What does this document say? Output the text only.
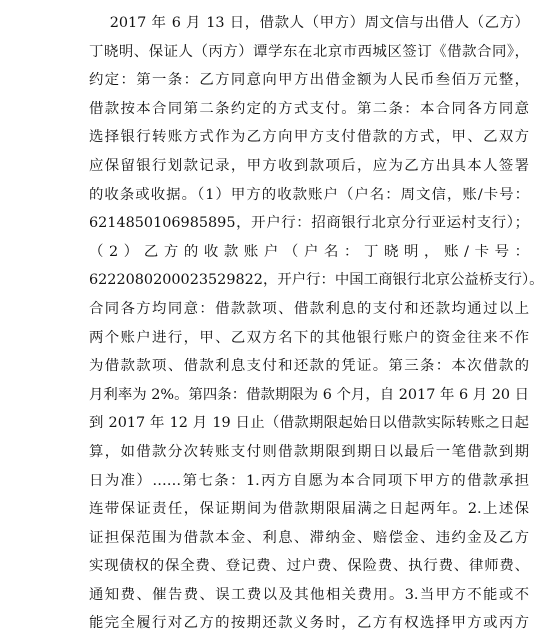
2017 年 6 月 13 日，借款人（甲方）周文信与出借人（乙方）
丁晓明、保证人（丙方）谭学东在北京市西城区签订《借款合同》，
约定：第一条：乙方同意向甲方出借金额为人民币叁佰万元整，
借款按本合同第二条约定的方式支付。第二条：本合同各方同意
选择银行转账方式作为乙方向甲方支付借款的方式，甲、乙双方
应保留银行划款记录，甲方收到款项后，应为乙方出具本人签署
的收条或收据。（1）甲方的收款账户（户名：周文信，账/卡号：
6214850106985895，开户行：招商银行北京分行亚运村支行）；
（2）乙方的收款账户（户名：丁晓明，账/卡号：
6222080200023529822，开户行：中国工商银行北京公益桥支行）。
合同各方均同意：借款款项、借款利息的支付和还款均通过以上
两个账户进行，甲、乙双方名下的其他银行账户的资金往来不作
为借款款项、借款利息支付和还款的凭证。第三条：本次借款的
月利率为 2%。第四条：借款期限为 6 个月，自 2017 年 6 月 20 日
到 2017 年 12 月 19 日止（借款期限起始日以借款实际转账之日起
算，如借款分次转账支付则借款期限到期日以最后一笔借款到期
日为准）……第七条：1.丙方自愿为本合同项下甲方的借款承担
连带保证责任，保证期间为借款期限届满之日起两年。2.上述保
证担保范围为借款本金、利息、滞纳金、赔偿金、违约金及乙方
实现债权的保全费、登记费、过户费、保险费、执行费、律师费、
通知费、催告费、误工费以及其他相关费用。3.当甲方不能或不
能完全履行对乙方的按期还款义务时，乙方有权选择甲方或丙方
